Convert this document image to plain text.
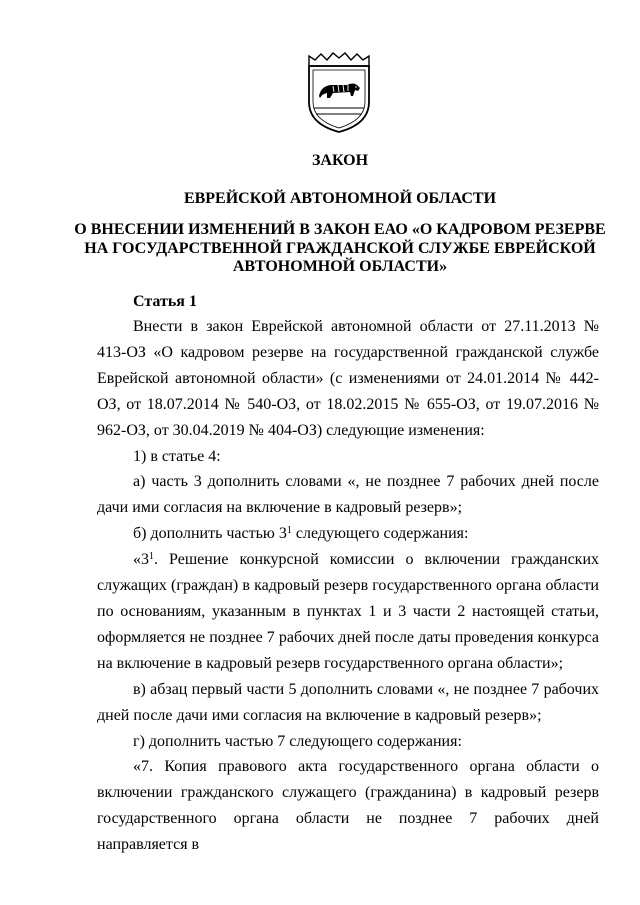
ЗАКОН
ЕВРЕЙСКОЙ АВТОНОМНОЙ ОБЛАСТИ
О ВНЕСЕНИИ ИЗМЕНЕНИЙ В ЗАКОН ЕАО «О КАДРОВОМ РЕЗЕРВЕ
НА ГОСУДАРСТВЕННОЙ ГРАЖДАНСКОЙ СЛУЖБЕ ЕВРЕЙСКОЙ
АВТОНОМНОЙ ОБЛАСТИ»
Статья 1

Внести в закон Еврейской автономной области от 27.11.2013 № 413-ОЗ «О кадровом резерве на государственной гражданской службе Еврейской автономной области» (с изменениями от 24.01.2014 № 442-ОЗ, от 18.07.2014 № 540-ОЗ, от 18.02.2015 № 655-ОЗ, от 19.07.2016 № 962-ОЗ, от 30.04.2019 № 404-ОЗ) следующие изменения:

1) в статье 4:

а) часть 3 дополнить словами «, не позднее 7 рабочих дней после дачи ими согласия на включение в кадровый резерв»;

б) дополнить частью $3^1$ следующего содержания:

«$3^1$. Решение конкурсной комиссии о включении гражданских служащих (граждан) в кадровый резерв государственного органа области по основаниям, указанным в пунктах 1 и 3 части 2 настоящей статьи, оформляется не позднее 7 рабочих дней после даты проведения конкурса на включение в кадровый резерв государственного органа области»;

в) абзац первый части 5 дополнить словами «, не позднее 7 рабочих дней после дачи ими согласия на включение в кадровый резерв»;

г) дополнить частью 7 следующего содержания:

«7. Копия правового акта государственного органа области о включении гражданского служащего (гражданина) в кадровый резерв государственного органа области не позднее 7 рабочих дней направляется в
